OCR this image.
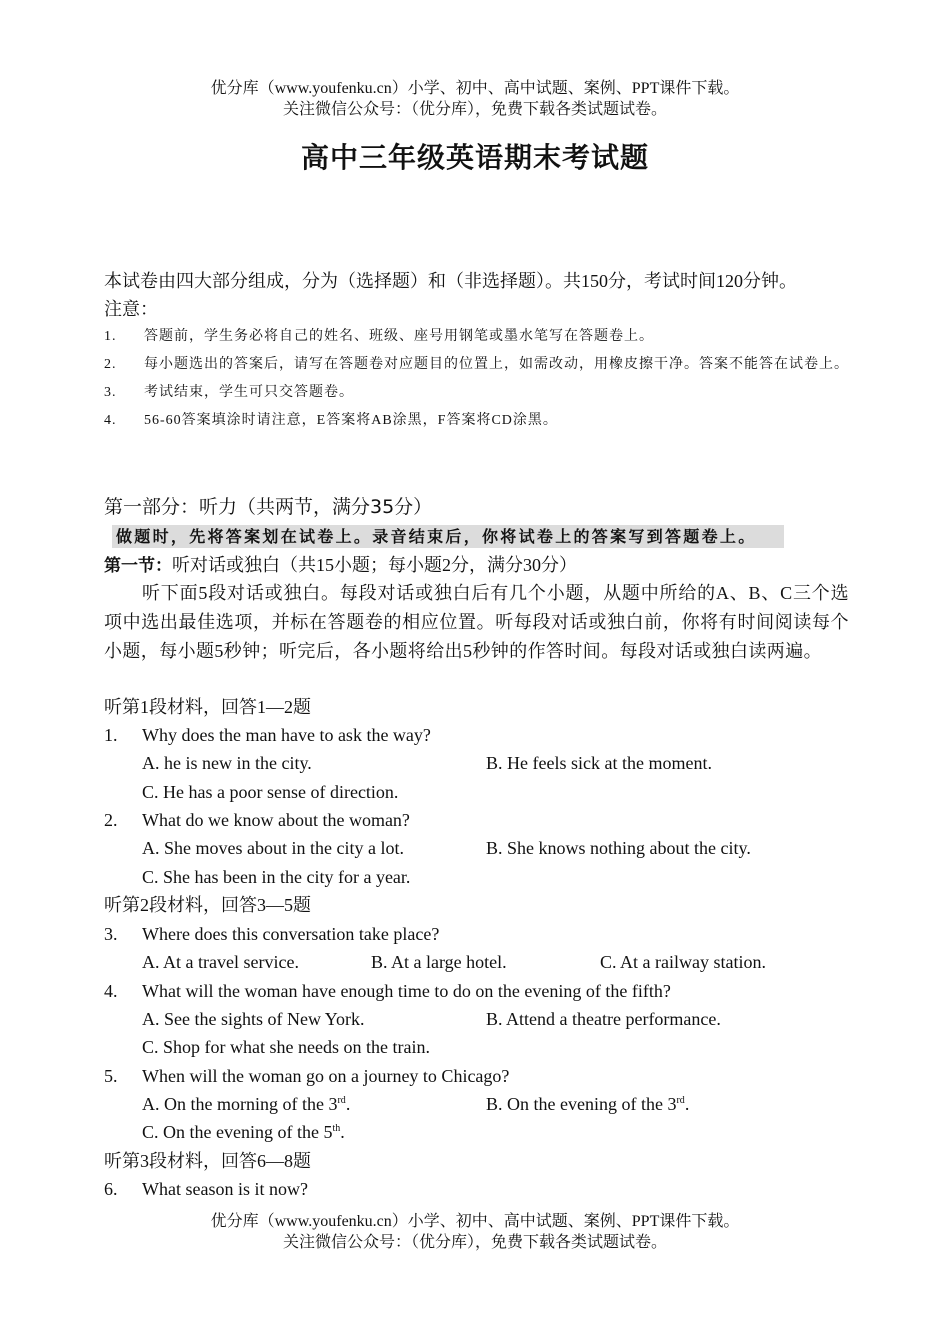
优分库（www.youfenku.cn）小学、初中、高中试题、案例、PPT课件下载。
关注微信公众号：（优分库），免费下载各类试题试卷。
高中三年级英语期末考试题
本试卷由四大部分组成，分为（选择题）和（非选择题）。共150分，考试时间120分钟。
注意：
1.	答题前，学生务必将自己的姓名、班级、座号用钢笔或墨水笔写在答题卷上。
2.	每小题选出的答案后，请写在答题卷对应题目的位置上，如需改动，用橡皮擦干净。答案不能答在试卷上。
3.	考试结束，学生可只交答题卷。
4.	56-60答案填涂时请注意，E答案将AB涂黑，F答案将CD涂黑。
第一部分：听力（共两节，满分35分）
做题时，先将答案划在试卷上。录音结束后，你将试卷上的答案写到答题卷上。
第一节：听对话或独白（共15小题；每小题2分，满分30分）
听下面5段对话或独白。每段对话或独白后有几个小题，从题中所给的A、B、C三个选项中选出最佳选项，并标在答题卷的相应位置。听每段对话或独白前，你将有时间阅读每个小题，每小题5秒钟；听完后，各小题将给出5秒钟的作答时间。每段对话或独白读两遍。
听第1段材料，回答1—2题
1. Why does the man have to ask the way?
A. he is new in the city.	B. He feels sick at the moment.
C. He has a poor sense of direction.
2. What do we know about the woman?
A. She moves about in the city a lot.	B. She knows nothing about the city.
C. She has been in the city for a year.
听第2段材料，回答3—5题
3. Where does this conversation take place?
A. At a travel service.	B. At a large hotel.	C. At a railway station.
4. What will the woman have enough time to do on the evening of the fifth?
A. See the sights of New York.	B. Attend a theatre performance.
C. Shop for what she needs on the train.
5. When will the woman go on a journey to Chicago?
A. On the morning of the 3rd.	B. On the evening of the 3rd.
C. On the evening of the 5th.
听第3段材料，回答6—8题
6. What season is it now?
优分库（www.youfenku.cn）小学、初中、高中试题、案例、PPT课件下载。
关注微信公众号：（优分库），免费下载各类试题试卷。
